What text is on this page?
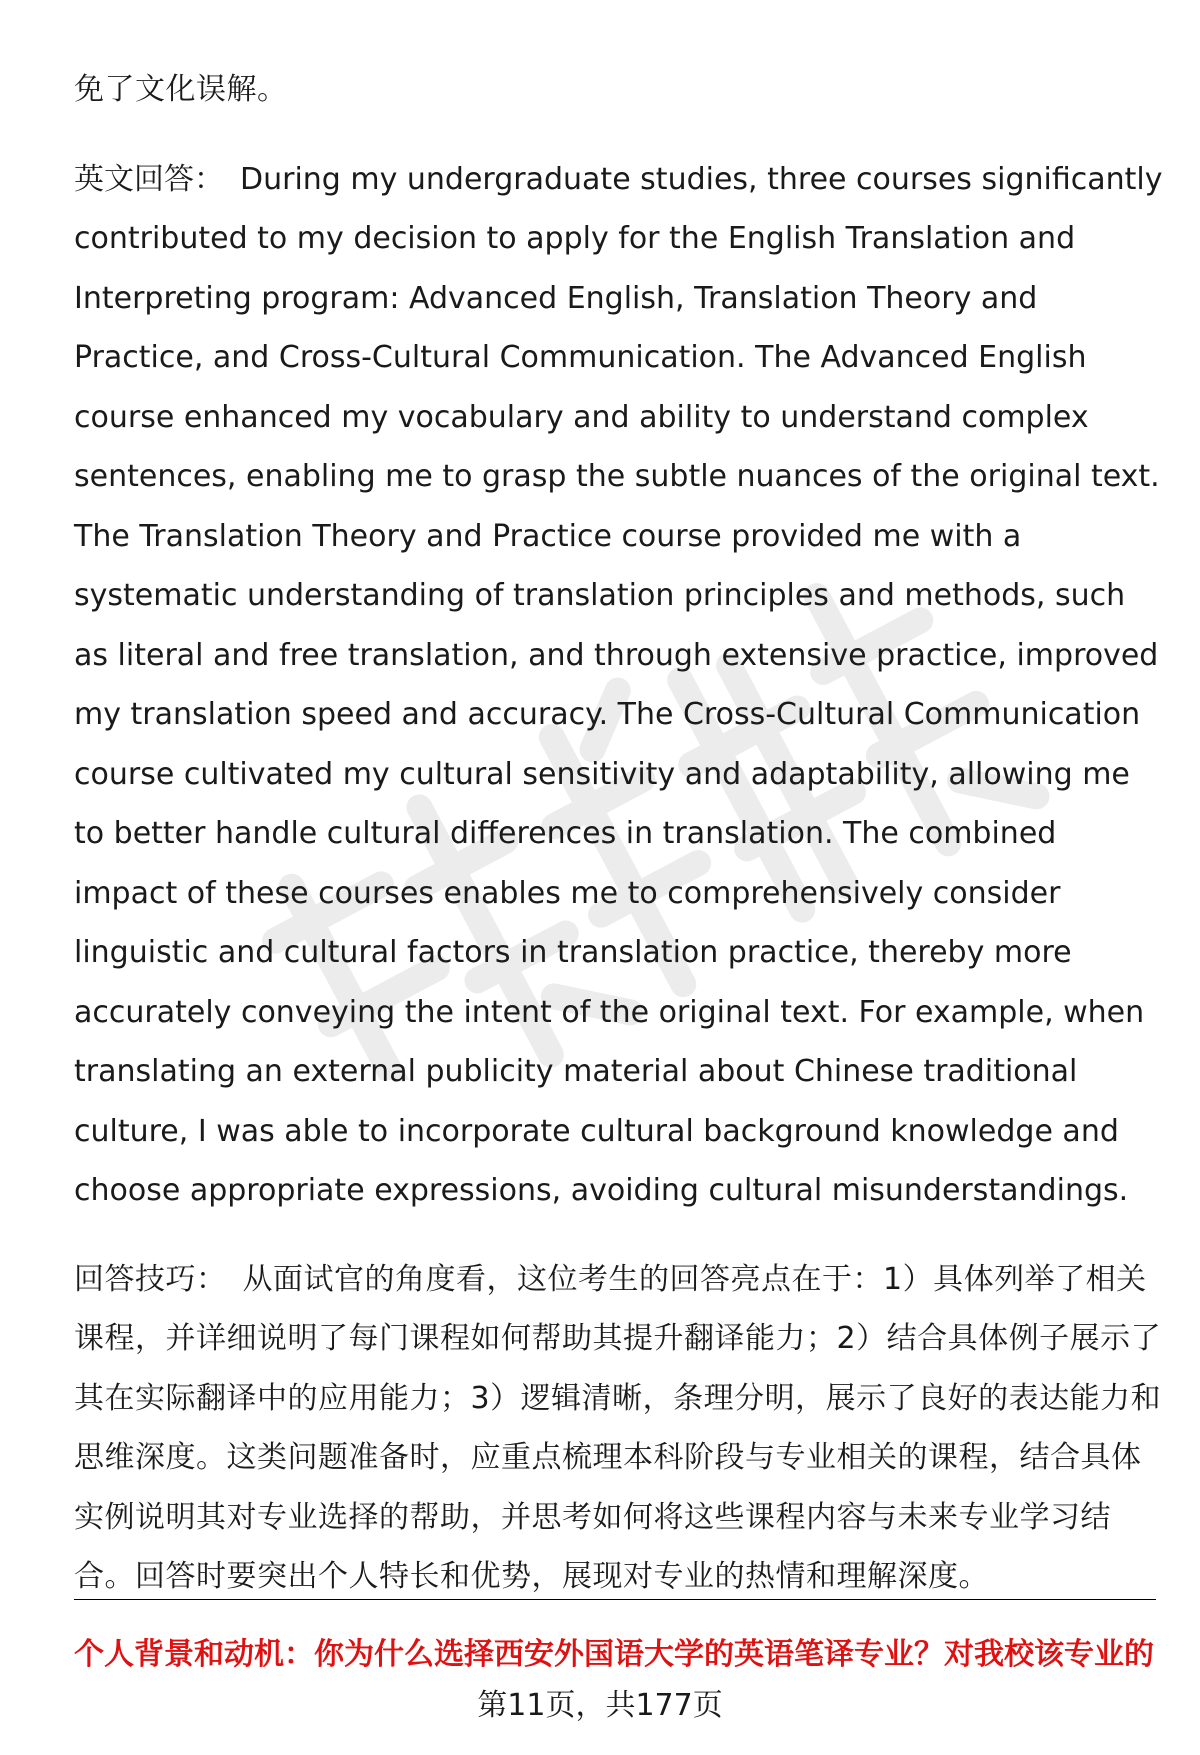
免了文化误解。

英文回答： During my undergraduate studies, three courses significantly contributed to my decision to apply for the English Translation and Interpreting program: Advanced English, Translation Theory and Practice, and Cross-Cultural Communication. The Advanced English course enhanced my vocabulary and ability to understand complex sentences, enabling me to grasp the subtle nuances of the original text. The Translation Theory and Practice course provided me with a systematic understanding of translation principles and methods, such as literal and free translation, and through extensive practice, improved my translation speed and accuracy. The Cross-Cultural Communication course cultivated my cultural sensitivity and adaptability, allowing me to better handle cultural differences in translation. The combined impact of these courses enables me to comprehensively consider linguistic and cultural factors in translation practice, thereby more accurately conveying the intent of the original text. For example, when translating an external publicity material about Chinese traditional culture, I was able to incorporate cultural background knowledge and choose appropriate expressions, avoiding cultural misunderstandings.

回答技巧： 从面试官的角度看，这位考生的回答亮点在于：1）具体列举了相关课程，并详细说明了每门课程如何帮助其提升翻译能力；2）结合具体例子展示了其在实际翻译中的应用能力；3）逻辑清晰，条理分明，展示了良好的表达能力和思维深度。这类问题准备时，应重点梳理本科阶段与专业相关的课程，结合具体实例说明其对专业选择的帮助，并思考如何将这些课程内容与未来专业学习结合。回答时要突出个人特长和优势，展现对专业的热情和理解深度。

个人背景和动机：你为什么选择西安外国语大学的英语笔译专业？对我校该专业的

第11页，共177页
